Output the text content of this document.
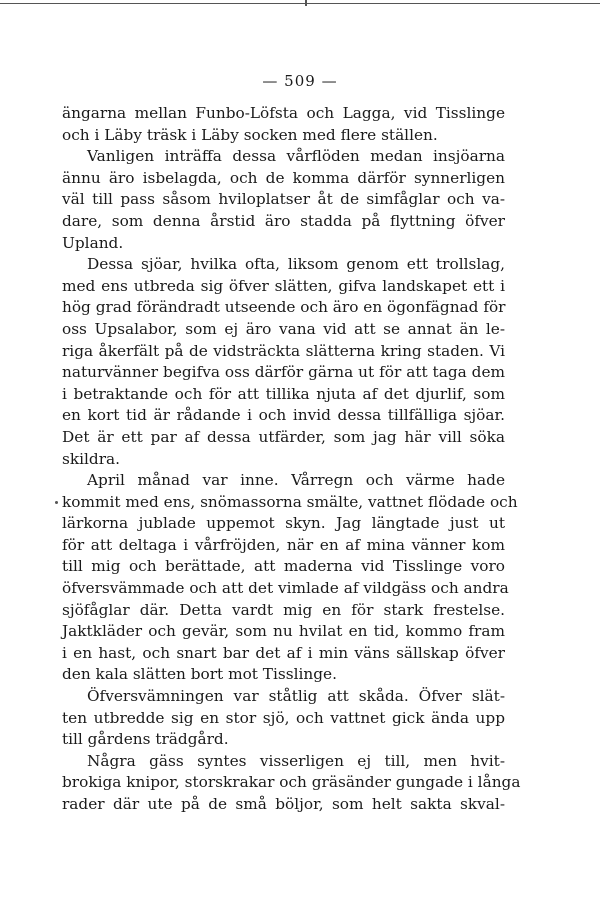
— 509 —
ängarna mellan Funbo-Löfsta och Lagga, vid Tisslinge
och i Läby träsk i Läby socken med flere ställen.
Vanligen inträffa dessa vårflöden medan insjöarna
ännu äro isbelagda, och de komma därför synnerligen
väl till pass såsom hviloplatser åt de simfåglar och va-
dare, som denna årstid äro stadda på flyttning öfver
Upland.
Dessa sjöar, hvilka ofta, liksom genom ett trollslag,
med ens utbreda sig öfver slätten, gifva landskapet ett i
hög grad förändradt utseende och äro en ögonfägnad för
oss Upsalabor, som ej äro vana vid att se annat än le-
riga åkerfält på de vidsträckta slätterna kring staden. Vi
naturvänner begifva oss därför gärna ut för att taga dem
i betraktande och för att tillika njuta af det djurlif, som
en kort tid är rådande i och invid dessa tillfälliga sjöar.
Det är ett par af dessa utfärder, som jag här vill söka
skildra.
April månad var inne. Vårregn och värme hade
kommit med ens, snömassorna smälte, vattnet flödade och
lärkorna jublade uppemot skyn. Jag längtade just ut
för att deltaga i vårfröjden, när en af mina vänner kom
till mig och berättade, att maderna vid Tisslinge voro
öfversvämmade och att det vimlade af vildgäss och andra
sjöfåglar där. Detta vardt mig en för stark frestelse.
Jaktkläder och gevär, som nu hvilat en tid, kommo fram
i en hast, och snart bar det af i min väns sällskap öfver
den kala slätten bort mot Tisslinge.
Öfversvämningen var ståtlig att skåda. Öfver slät-
ten utbredde sig en stor sjö, och vattnet gick ända upp
till gårdens trädgård.
Några gäss syntes visserligen ej till, men hvit-
brokiga knipor, storskrakar och gräsänder gungade i långa
rader där ute på de små böljor, som helt sakta skval-
